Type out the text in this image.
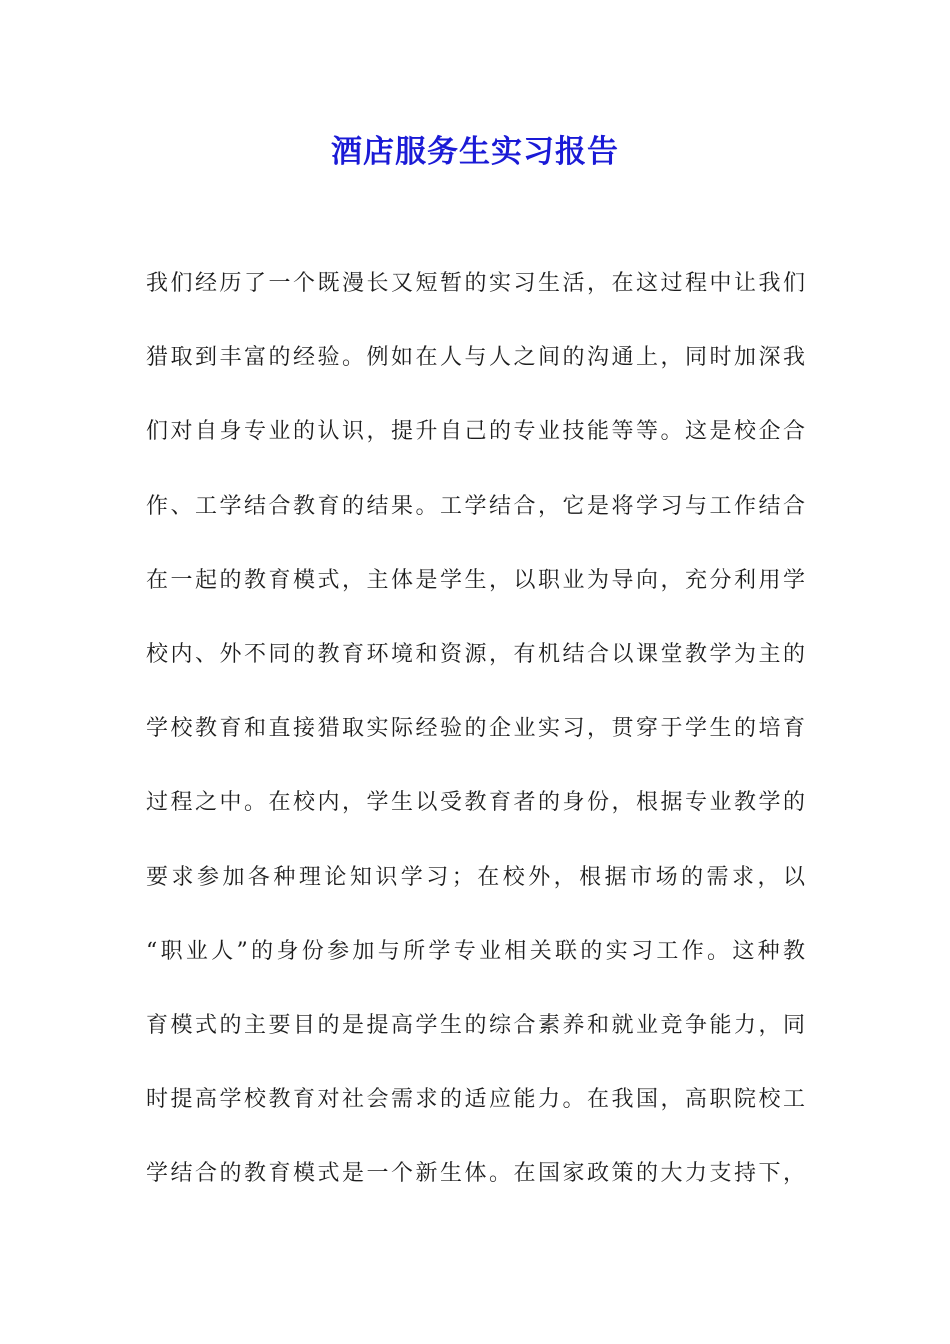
酒店服务生实习报告
我们经历了一个既漫长又短暂的实习生活，在这过程中让我们
猎取到丰富的经验。例如在人与人之间的沟通上，同时加深我
们对自身专业的认识，提升自己的专业技能等等。这是校企合
作、工学结合教育的结果。工学结合，它是将学习与工作结合
在一起的教育模式，主体是学生，以职业为导向，充分利用学
校内、外不同的教育环境和资源，有机结合以课堂教学为主的
学校教育和直接猎取实际经验的企业实习，贯穿于学生的培育
过程之中。在校内，学生以受教育者的身份，根据专业教学的
要求参加各种理论知识学习；在校外，根据市场的需求，以
“职业人”的身份参加与所学专业相关联的实习工作。这种教
育模式的主要目的是提高学生的综合素养和就业竞争能力，同
时提高学校教育对社会需求的适应能力。在我国，高职院校工
学结合的教育模式是一个新生体。在国家政策的大力支持下，
